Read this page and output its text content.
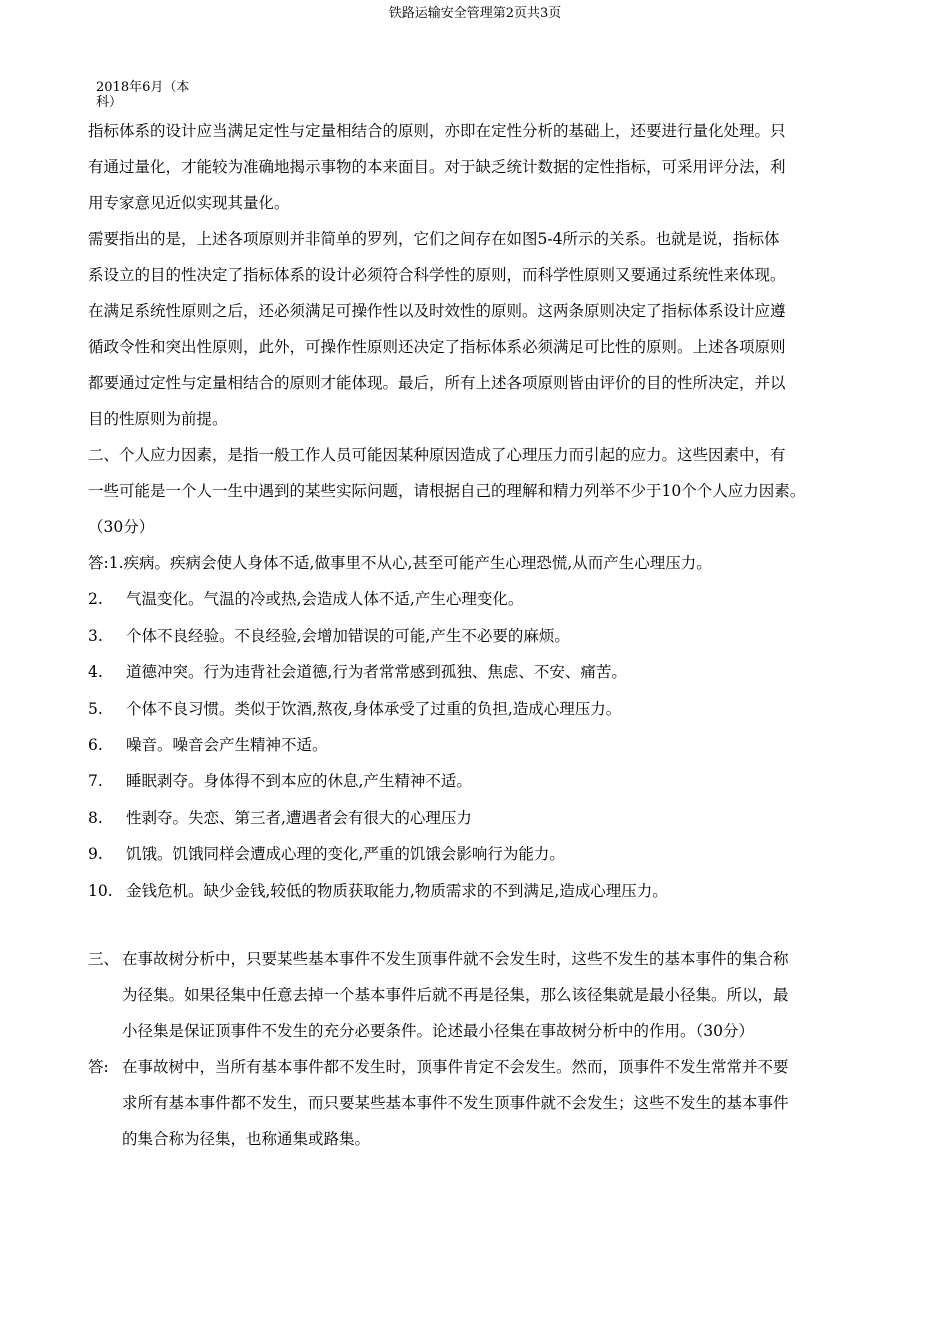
铁路运输安全管理第2页共3页
2018年6月（本
科）

指标体系的设计应当满足定性与定量相结合的原则，亦即在定性分析的基础上，还要进行量化处理。只

有通过量化，才能较为准确地揭示事物的本来面目。对于缺乏统计数据的定性指标，可采用评分法，利

用专家意见近似实现其量化。

需要指出的是，上述各项原则并非简单的罗列，它们之间存在如图5-4所示的关系。也就是说，指标体

系设立的目的性决定了指标体系的设计必须符合科学性的原则，而科学性原则又要通过系统性来体现。

在满足系统性原则之后，还必须满足可操作性以及时效性的原则。这两条原则决定了指标体系设计应遵

循政令性和突出性原则，此外，可操作性原则还决定了指标体系必须满足可比性的原则。上述各项原则

都要通过定性与定量相结合的原则才能体现。最后，所有上述各项原则皆由评价的目的性所决定，并以

目的性原则为前提。

二、个人应力因素，是指一般工作人员可能因某种原因造成了心理压力而引起的应力。这些因素中，有

一些可能是一个人一生中遇到的某些实际问题，请根据自己的理解和精力列举不少于10个个人应力因素。

（30分）

答:1.疾病。疾病会使人身体不适,做事里不从心,甚至可能产生心理恐慌,从而产生心理压力。

2. 气温变化。气温的冷或热,会造成人体不适,产生心理变化。

3. 个体不良经验。不良经验,会增加错误的可能,产生不必要的麻烦。

4. 道德冲突。行为违背社会道德,行为者常常感到孤独、焦虑、不安、痛苦。

5. 个体不良习惯。类似于饮酒,熬夜,身体承受了过重的负担,造成心理压力。

6. 噪音。噪音会产生精神不适。

7. 睡眠剥夺。身体得不到本应的休息,产生精神不适。

8. 性剥夺。失恋、第三者,遭遇者会有很大的心理压力

9. 饥饿。饥饿同样会遭成心理的变化,严重的饥饿会影响行为能力。

10. 金钱危机。缺少金钱,较低的物质获取能力,物质需求的不到满足,造成心理压力。

三、 在事故树分析中，只要某些基本事件不发生顶事件就不会发生时，这些不发生的基本事件的集合称

为径集。如果径集中任意去掉一个基本事件后就不再是径集，那么该径集就是最小径集。所以，最

小径集是保证顶事件不发生的充分必要条件。论述最小径集在事故树分析中的作用。（30分）

答: 在事故树中，当所有基本事件都不发生时，顶事件肯定不会发生。然而，顶事件不发生常常并不要

求所有基本事件都不发生，而只要某些基本事件不发生顶事件就不会发生；这些不发生的基本事件

的集合称为径集，也称通集或路集。
